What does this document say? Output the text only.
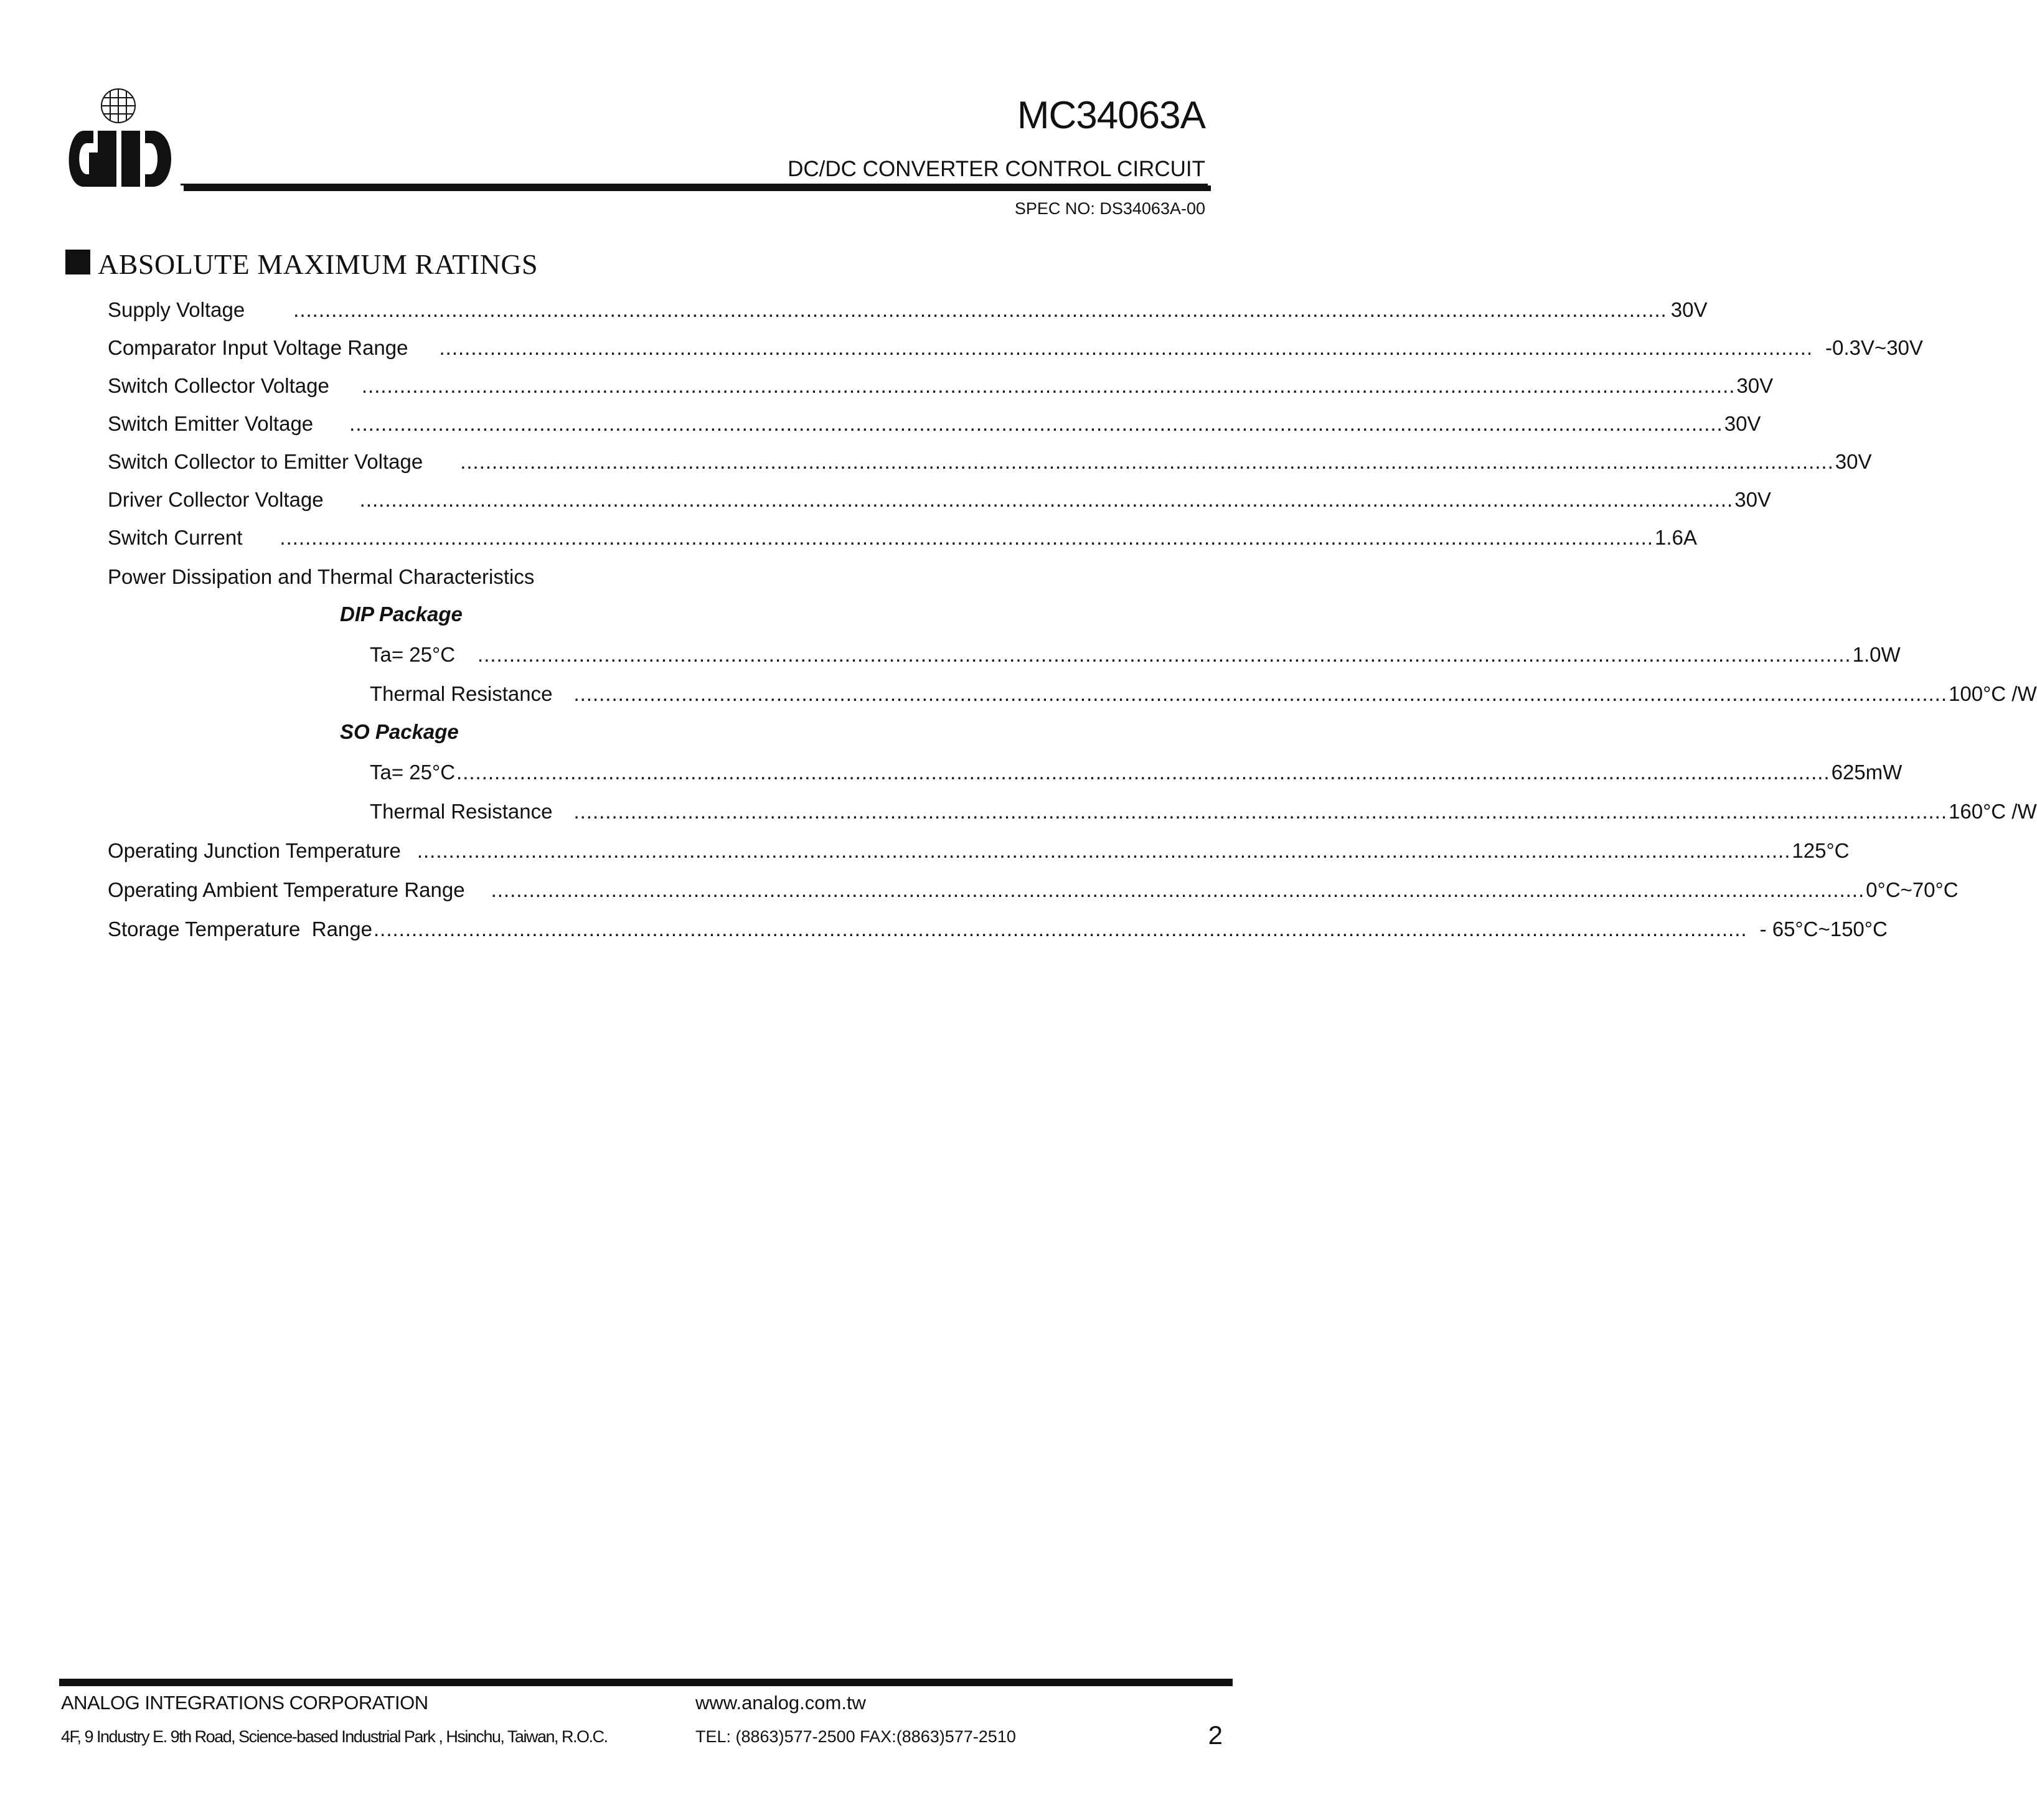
MC34063A
DC/DC CONVERTER CONTROL CIRCUIT
SPEC NO: DS34063A-00
ABSOLUTE MAXIMUM RATINGS
Supply Voltage ......................................................................................................................................................................................................................... 30V
Comparator Input Voltage Range ......................................................................................................................................................................................................................... -0.3V~30V
Switch Collector Voltage ......................................................................................................................................................................................................................... 30V
Switch Emitter Voltage ......................................................................................................................................................................................................................... 30V
Switch Collector to Emitter Voltage ......................................................................................................................................................................................................................... 30V
Driver Collector Voltage ......................................................................................................................................................................................................................... 30V
Switch Current ......................................................................................................................................................................................................................... 1.6A
Power Dissipation and Thermal Characteristics
DIP Package
Ta= 25°C ......................................................................................................................................................................................................................... 1.0W
Thermal Resistance ......................................................................................................................................................................................................................... 100°C /W
SO Package
Ta= 25°C ......................................................................................................................................................................................................................... 625mW
Thermal Resistance ......................................................................................................................................................................................................................... 160°C /W
Operating Junction Temperature ......................................................................................................................................................................................................................... 125°C
Operating Ambient Temperature Range ......................................................................................................................................................................................................................... 0°C~70°C
Storage Temperature  Range ......................................................................................................................................................................................................................... - 65°C~150°C
ANALOG INTEGRATIONS CORPORATION	www.analog.com.tw
4F, 9 Industry E. 9th Road, Science-based Industrial Park , Hsinchu, Taiwan, R.O.C.	TEL: (8863)577-2500 FAX:(8863)577-2510	2
